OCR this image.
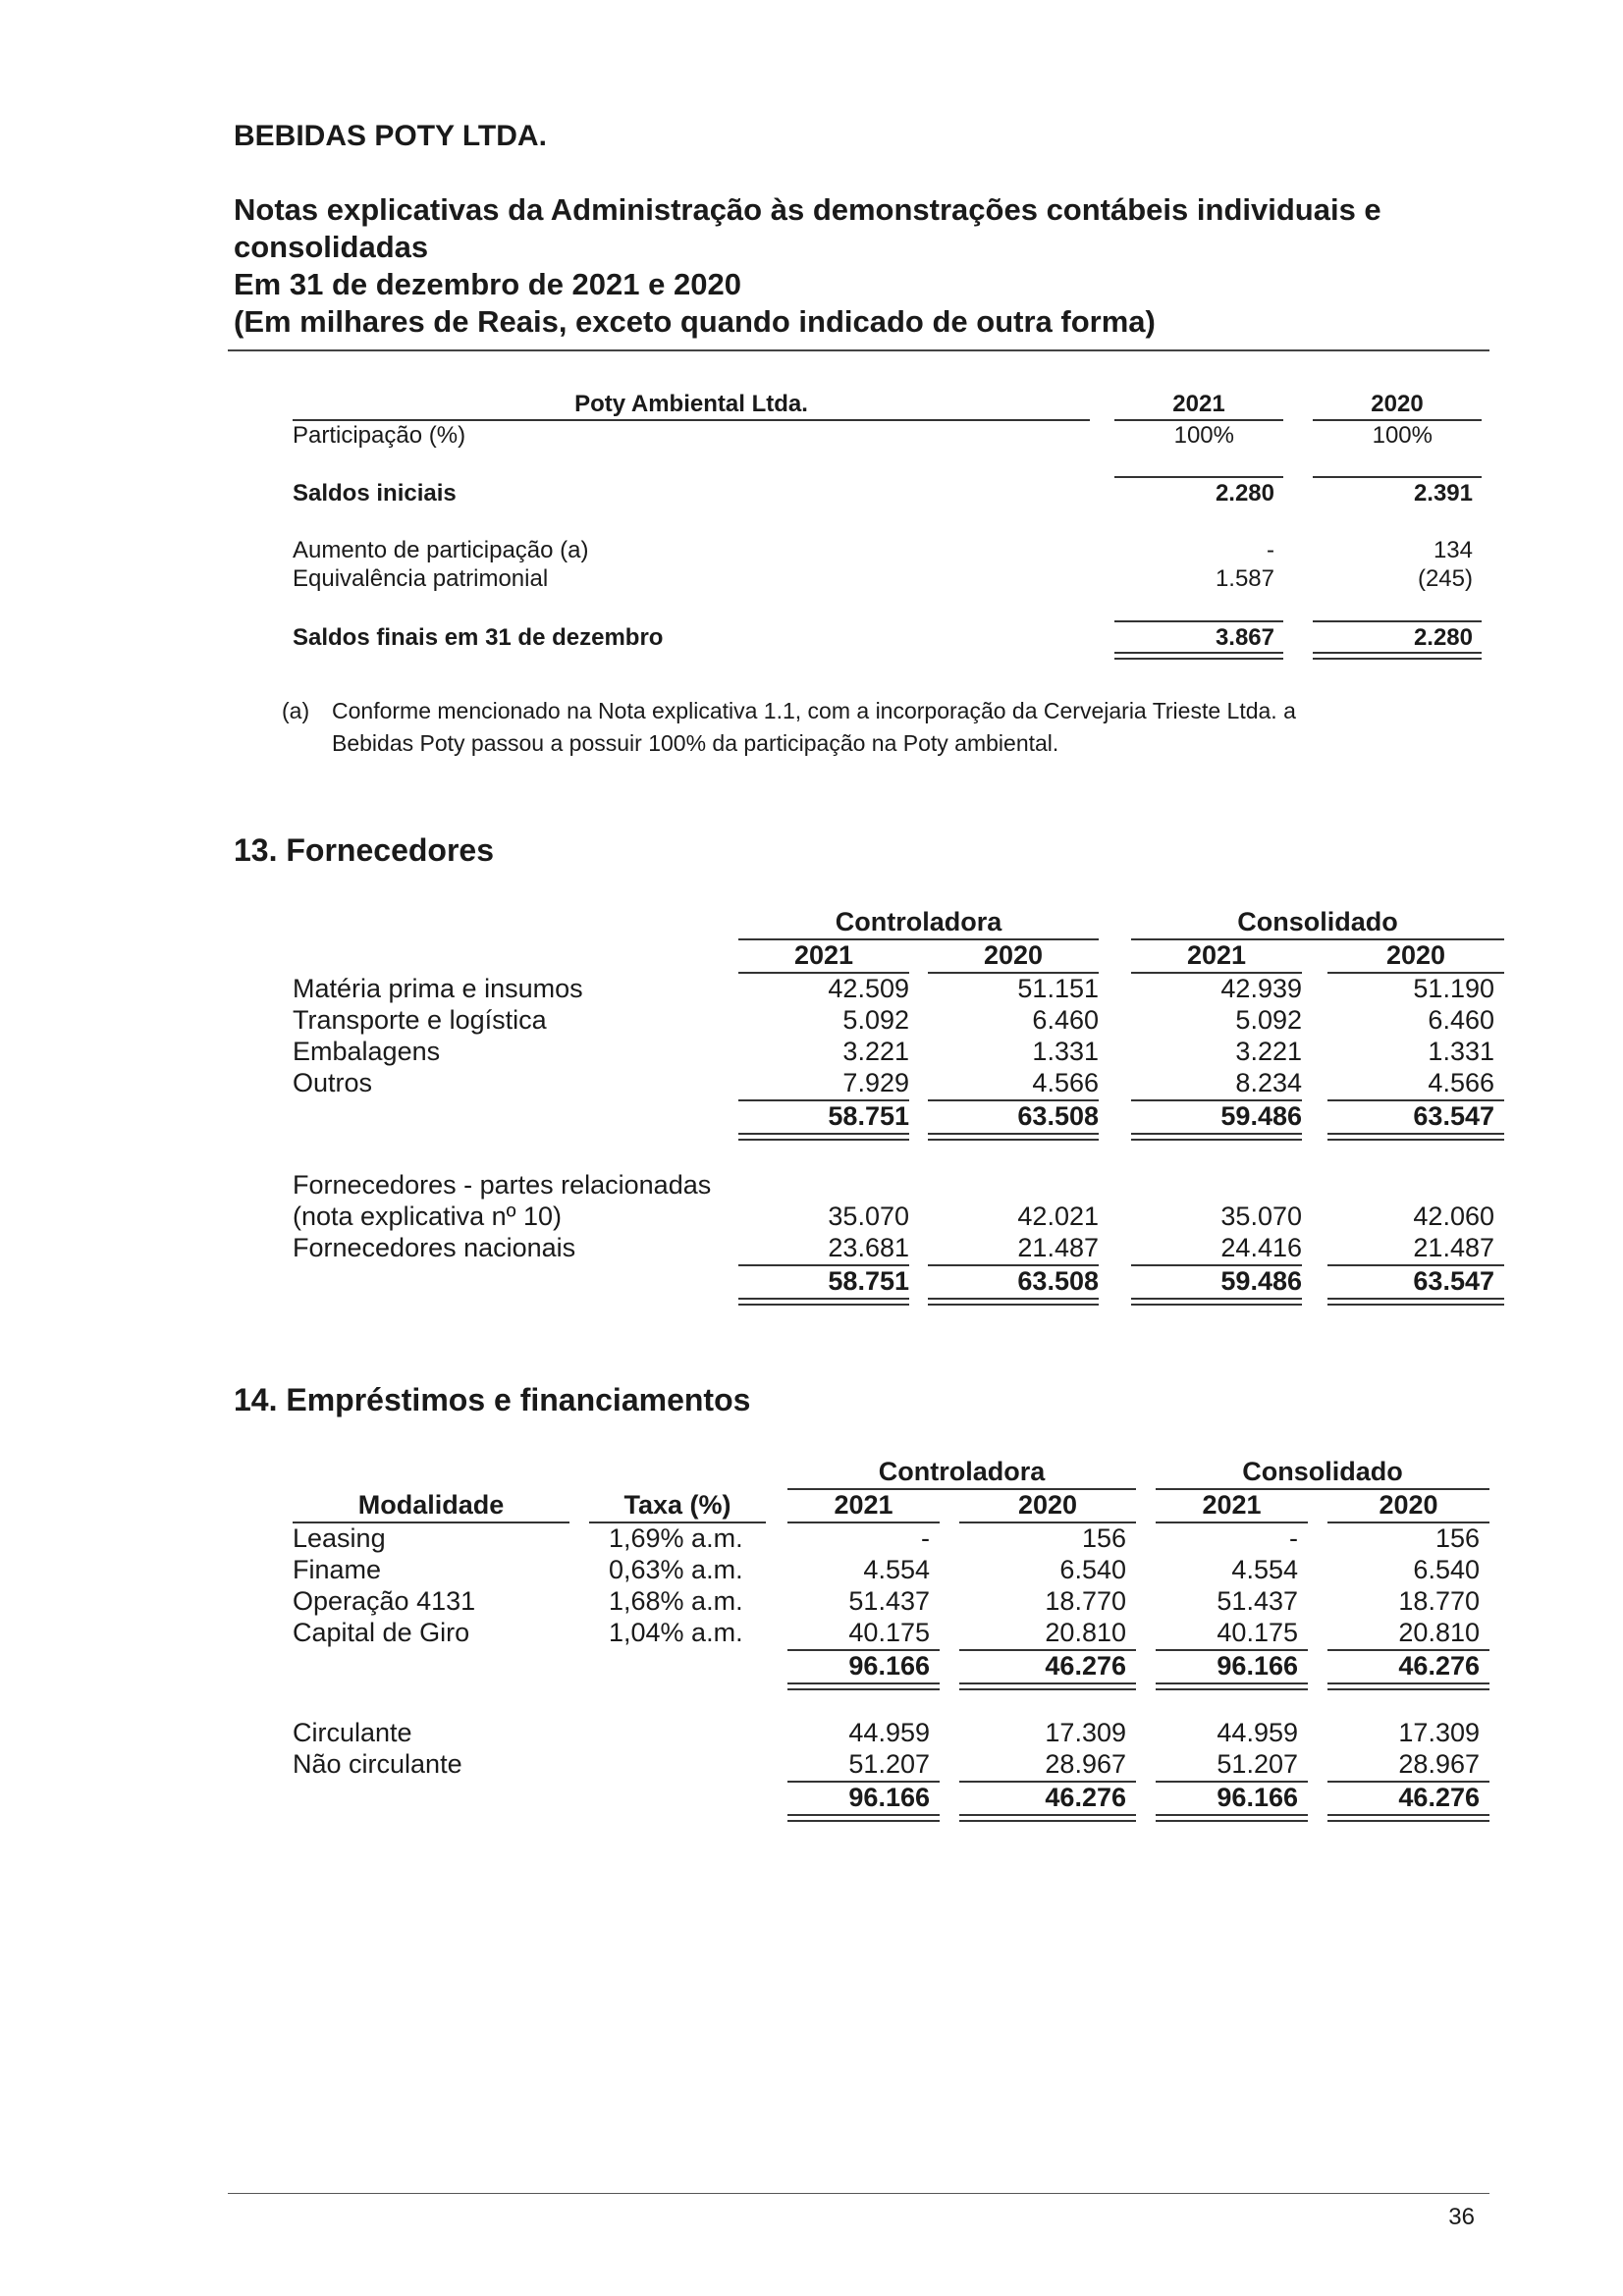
BEBIDAS POTY LTDA.
Notas explicativas da Administração às demonstrações contábeis individuais e
consolidadas
Em 31 de dezembro de 2021 e 2020
(Em milhares de Reais, exceto quando indicado de outra forma)
Poty Ambiental Ltda.	2021	2020
Participação (%)	100%	100%
Saldos iniciais	2.280	2.391
Aumento de participação (a)	-	134
Equivalência patrimonial	1.587	(245)
Saldos finais em 31 de dezembro	3.867	2.280
(a) Conforme mencionado na Nota explicativa 1.1, com a incorporação da Cervejaria Trieste Ltda. a
Bebidas Poty passou a possuir 100% da participação na Poty ambiental.
13. Fornecedores
Controladora	Consolidado
2021	2020	2021	2020
Matéria prima e insumos	42.509	51.151	42.939	51.190
Transporte e logística	5.092	6.460	5.092	6.460
Embalagens	3.221	1.331	3.221	1.331
Outros	7.929	4.566	8.234	4.566
58.751	63.508	59.486	63.547
Fornecedores - partes relacionadas
(nota explicativa nº 10)	35.070	42.021	35.070	42.060
Fornecedores nacionais	23.681	21.487	24.416	21.487
58.751	63.508	59.486	63.547
14. Empréstimos e financiamentos
Controladora	Consolidado
Modalidade	Taxa (%)	2021	2020	2021	2020
Leasing	1,69% a.m.	-	156	-	156
Finame	0,63% a.m.	4.554	6.540	4.554	6.540
Operação 4131	1,68% a.m.	51.437	18.770	51.437	18.770
Capital de Giro	1,04% a.m.	40.175	20.810	40.175	20.810
96.166	46.276	96.166	46.276
Circulante	44.959	17.309	44.959	17.309
Não circulante	51.207	28.967	51.207	28.967
96.166	46.276	96.166	46.276
36
